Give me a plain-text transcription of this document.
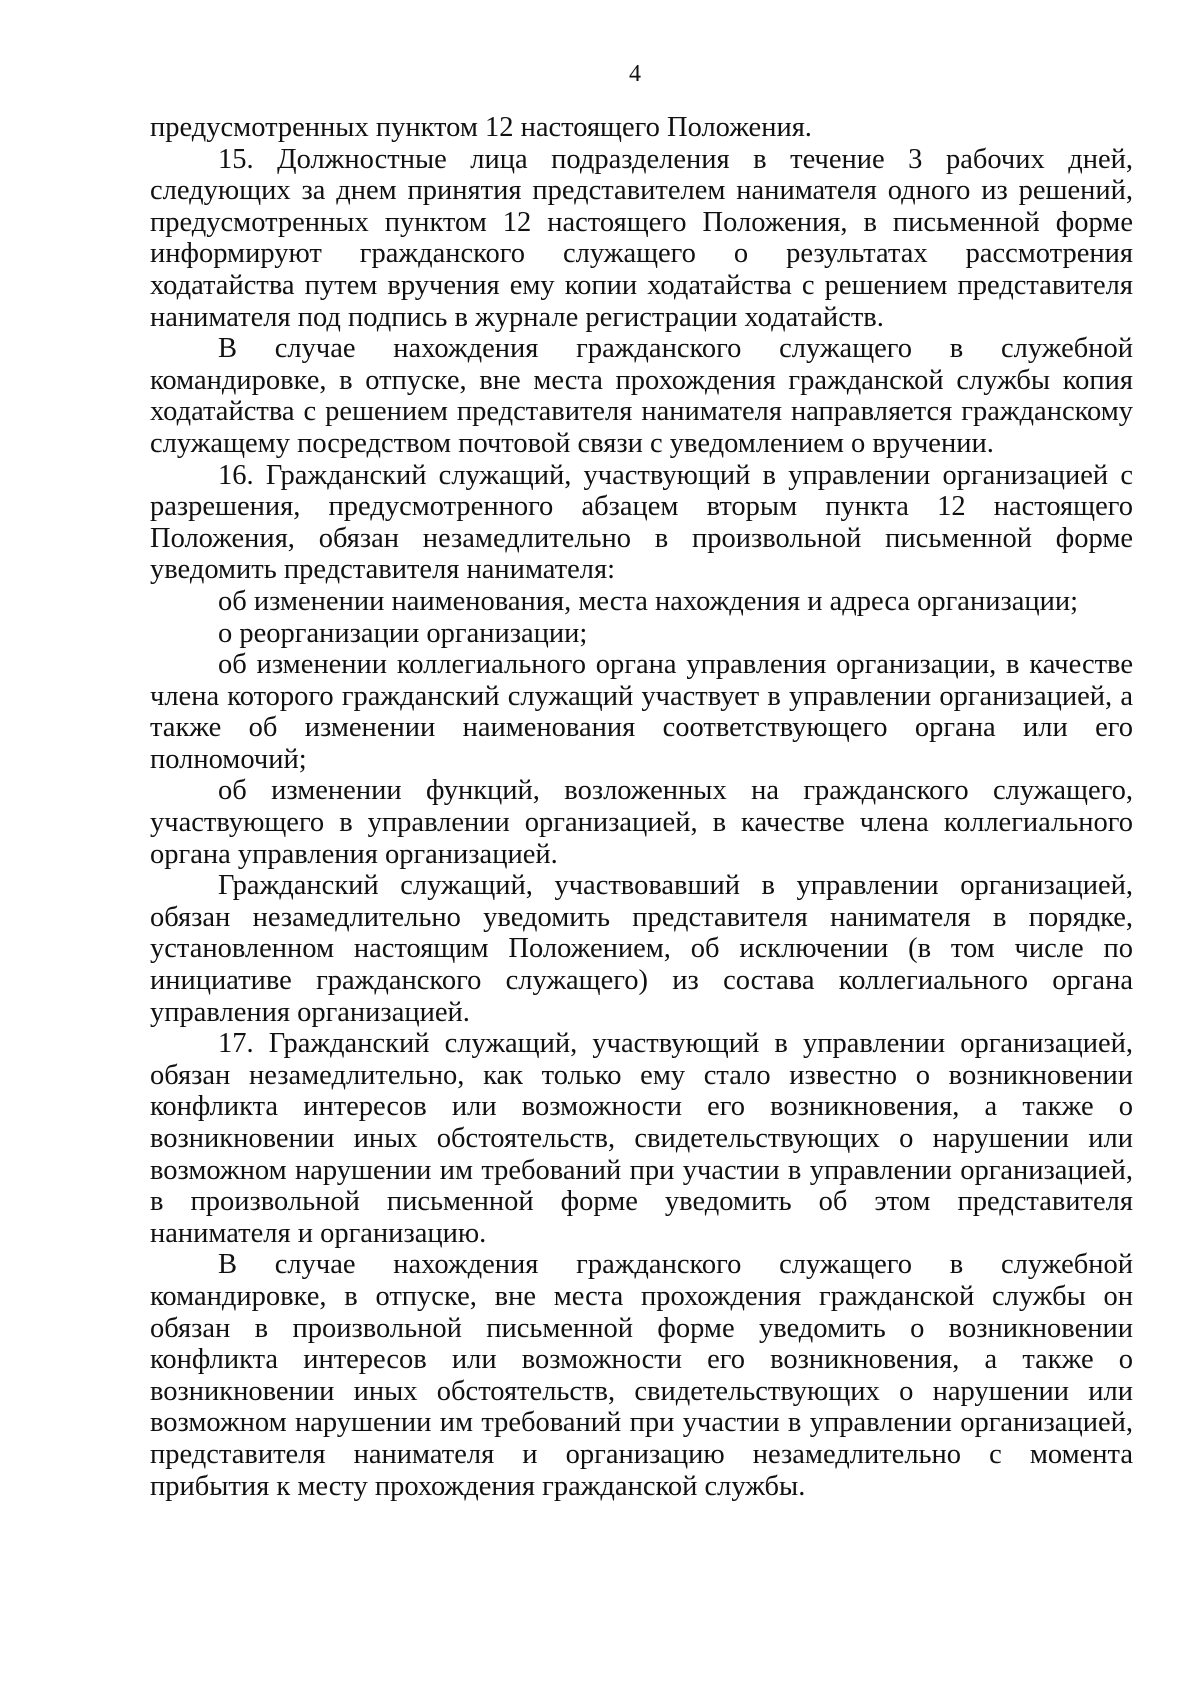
4
предусмотренных пунктом 12 настоящего Положения.
15. Должностные лица подразделения в течение 3 рабочих дней,
следующих за днем принятия представителем нанимателя одного из решений,
предусмотренных пунктом 12 настоящего Положения, в письменной форме
информируют гражданского служащего о результатах рассмотрения
ходатайства путем вручения ему копии ходатайства с решением представителя
нанимателя под подпись в журнале регистрации ходатайств.
В случае нахождения гражданского служащего в служебной
командировке, в отпуске, вне места прохождения гражданской службы копия
ходатайства с решением представителя нанимателя направляется гражданскому
служащему посредством почтовой связи с уведомлением о вручении.
16. Гражданский служащий, участвующий в управлении организацией с
разрешения, предусмотренного абзацем вторым пункта 12 настоящего
Положения, обязан незамедлительно в произвольной письменной форме
уведомить представителя нанимателя:
об изменении наименования, места нахождения и адреса организации;
о реорганизации организации;
об изменении коллегиального органа управления организации, в качестве
члена которого гражданский служащий участвует в управлении организацией, а
также об изменении наименования соответствующего органа или его
полномочий;
об изменении функций, возложенных на гражданского служащего,
участвующего в управлении организацией, в качестве члена коллегиального
органа управления организацией.
Гражданский служащий, участвовавший в управлении организацией,
обязан незамедлительно уведомить представителя нанимателя в порядке,
установленном настоящим Положением, об исключении (в том числе по
инициативе гражданского служащего) из состава коллегиального органа
управления организацией.
17. Гражданский служащий, участвующий в управлении организацией,
обязан незамедлительно, как только ему стало известно о возникновении
конфликта интересов или возможности его возникновения, а также о
возникновении иных обстоятельств, свидетельствующих о нарушении или
возможном нарушении им требований при участии в управлении организацией,
в произвольной письменной форме уведомить об этом представителя
нанимателя и организацию.
В случае нахождения гражданского служащего в служебной
командировке, в отпуске, вне места прохождения гражданской службы он
обязан в произвольной письменной форме уведомить о возникновении
конфликта интересов или возможности его возникновения, а также о
возникновении иных обстоятельств, свидетельствующих о нарушении или
возможном нарушении им требований при участии в управлении организацией,
представителя нанимателя и организацию незамедлительно с момента
прибытия к месту прохождения гражданской службы.
